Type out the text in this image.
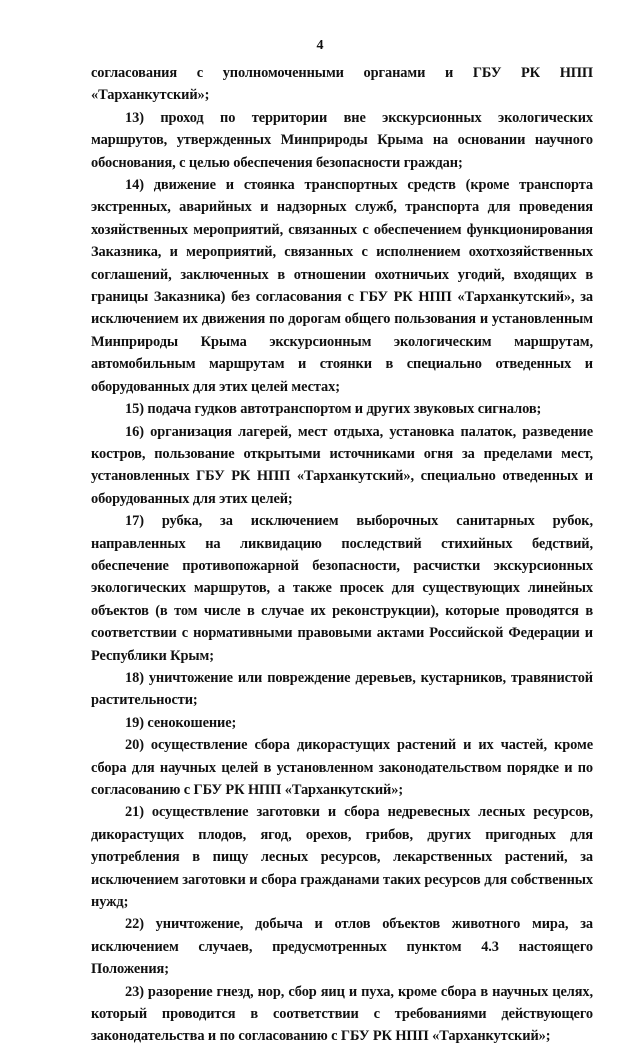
4

согласования с уполномоченными органами и ГБУ РК НПП «Тарханкутский»;

13) проход по территории вне экскурсионных экологических маршрутов, утвержденных Минприроды Крыма на основании научного обоснования, с целью обеспечения безопасности граждан;

14) движение и стоянка транспортных средств (кроме транспорта экстренных, аварийных и надзорных служб, транспорта для проведения хозяйственных мероприятий, связанных с обеспечением функционирования Заказника, и мероприятий, связанных с исполнением охотхозяйственных соглашений, заключенных в отношении охотничьих угодий, входящих в границы Заказника) без согласования с ГБУ РК НПП «Тарханкутский», за исключением их движения по дорогам общего пользования и установленным Минприроды Крыма экскурсионным экологическим маршрутам, автомобильным маршрутам и стоянки в специально отведенных и оборудованных для этих целей местах;

15) подача гудков автотранспортом и других звуковых сигналов;

16) организация лагерей, мест отдыха, установка палаток, разведение костров, пользование открытыми источниками огня за пределами мест, установленных ГБУ РК НПП «Тарханкутский», специально отведенных и оборудованных для этих целей;

17) рубка, за исключением выборочных санитарных рубок, направленных на ликвидацию последствий стихийных бедствий, обеспечение противопожарной безопасности, расчистки экскурсионных экологических маршрутов, а также просек для существующих линейных объектов (в том числе в случае их реконструкции), которые проводятся в соответствии с нормативными правовыми актами Российской Федерации и Республики Крым;

18) уничтожение или повреждение деревьев, кустарников, травянистой растительности;

19) сенокошение;

20) осуществление сбора дикорастущих растений и их частей, кроме сбора для научных целей в установленном законодательством порядке и по согласованию с ГБУ РК НПП «Тарханкутский»;

21) осуществление заготовки и сбора недревесных лесных ресурсов, дикорастущих плодов, ягод, орехов, грибов, других пригодных для употребления в пищу лесных ресурсов, лекарственных растений, за исключением заготовки и сбора гражданами таких ресурсов для собственных нужд;

22) уничтожение, добыча и отлов объектов животного мира, за исключением случаев, предусмотренных пунктом 4.3 настоящего Положения;

23) разорение гнезд, нор, сбор яиц и пуха, кроме сбора в научных целях, который проводится в соответствии с требованиями действующего законодательства и по согласованию с ГБУ РК НПП «Тарханкутский»;
